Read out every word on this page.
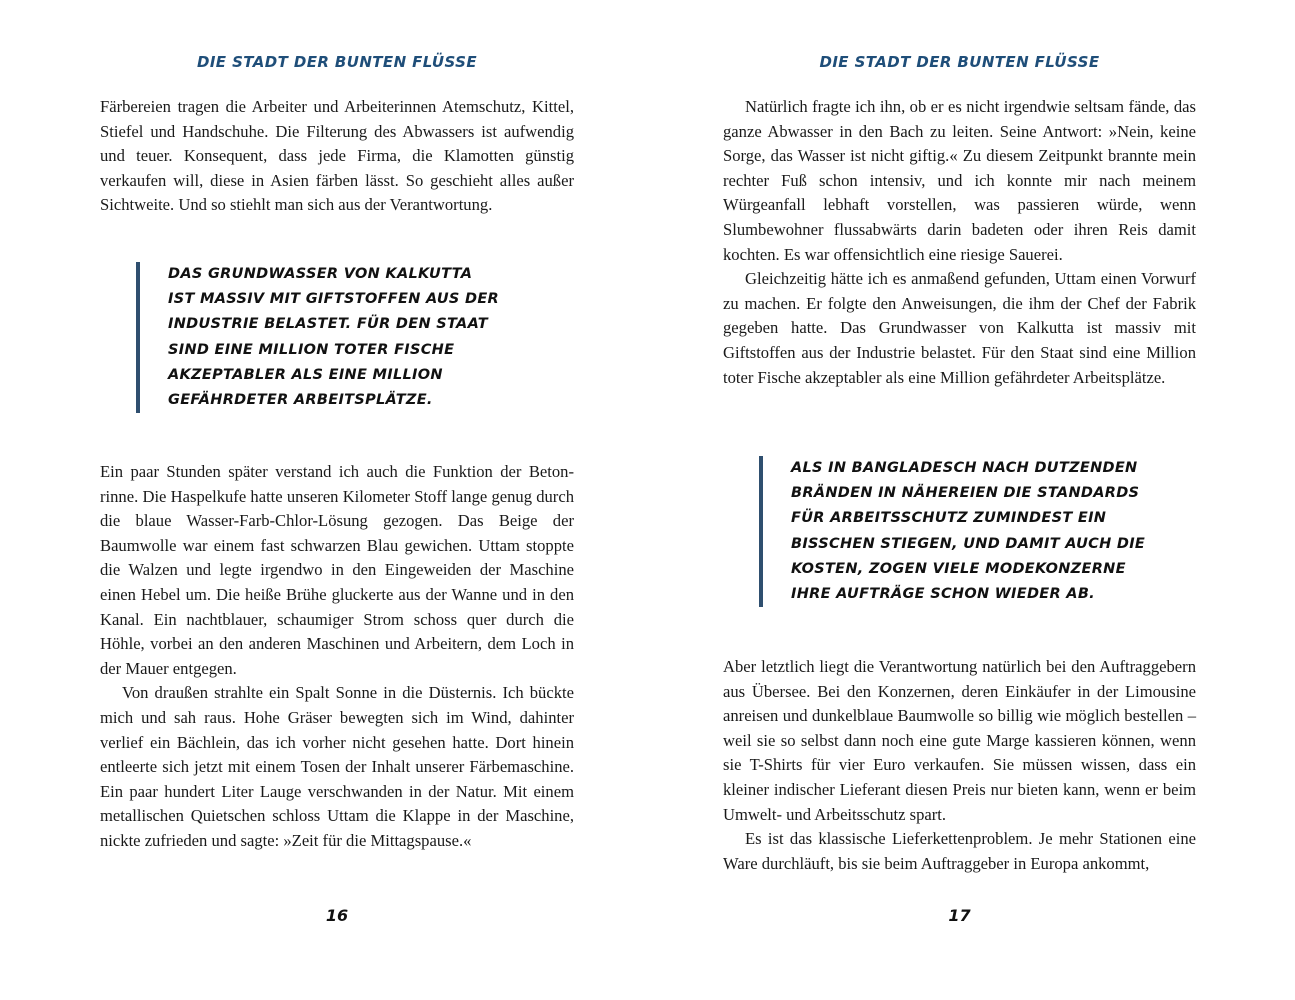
DIE STADT DER BUNTEN FLÜSSE

Färbereien tragen die Arbeiter und Arbeiterinnen Atemschutz, Kittel, Stiefel und Handschuhe. Die Filterung des Abwassers ist aufwendig und teuer. Konsequent, dass jede Firma, die Klamotten günstig verkaufen will, diese in Asien färben lässt. So geschieht alles außer Sichtweite. Und so stiehlt man sich aus der Verantwortung.

DAS GRUNDWASSER VON KALKUTTA
IST MASSIV MIT GIFTSTOFFEN AUS DER
INDUSTRIE BELASTET. FÜR DEN STAAT
SIND EINE MILLION TOTER FISCHE
AKZEPTABLER ALS EINE MILLION
GEFÄHRDETER ARBEITSPLÄTZE.

Ein paar Stunden später verstand ich auch die Funktion der Betonrinne. Die Haspelkufe hatte unseren Kilometer Stoff lange genug durch die blaue Wasser-Farb-Chlor-Lösung gezogen. Das Beige der Baumwolle war einem fast schwarzen Blau gewichen. Uttam stoppte die Walzen und legte irgendwo in den Eingeweiden der Maschine einen Hebel um. Die heiße Brühe gluckerte aus der Wanne und in den Kanal. Ein nachtblauer, schaumiger Strom schoss quer durch die Höhle, vorbei an den anderen Maschinen und Arbeitern, dem Loch in der Mauer entgegen.

Von draußen strahlte ein Spalt Sonne in die Düsternis. Ich bückte mich und sah raus. Hohe Gräser bewegten sich im Wind, dahinter verlief ein Bächlein, das ich vorher nicht gesehen hatte. Dort hinein entleerte sich jetzt mit einem Tosen der Inhalt unserer Färbemaschine. Ein paar hundert Liter Lauge verschwanden in der Natur. Mit einem metallischen Quietschen schloss Uttam die Klappe in der Maschine, nickte zufrieden und sagte: »Zeit für die Mittagspause.«

16
DIE STADT DER BUNTEN FLÜSSE

Natürlich fragte ich ihn, ob er es nicht irgendwie seltsam fände, das ganze Abwasser in den Bach zu leiten. Seine Antwort: »Nein, keine Sorge, das Wasser ist nicht giftig.« Zu diesem Zeitpunkt brannte mein rechter Fuß schon intensiv, und ich konnte mir nach meinem Würgeanfall lebhaft vorstellen, was passieren würde, wenn Slumbewohner flussabwärts darin badeten oder ihren Reis damit kochten. Es war offensichtlich eine riesige Sauerei.

Gleichzeitig hätte ich es anmaßend gefunden, Uttam einen Vorwurf zu machen. Er folgte den Anweisungen, die ihm der Chef der Fabrik gegeben hatte. Das Grundwasser von Kalkutta ist massiv mit Giftstoffen aus der Industrie belastet. Für den Staat sind eine Million toter Fische akzeptabler als eine Million gefährdeter Arbeitsplätze.

ALS IN BANGLADESCH NACH DUTZENDEN
BRÄNDEN IN NÄHEREIEN DIE STANDARDS
FÜR ARBEITSSCHUTZ ZUMINDEST EIN
BISSCHEN STIEGEN, UND DAMIT AUCH DIE
KOSTEN, ZOGEN VIELE MODEKONZERNE
IHRE AUFTRÄGE SCHON WIEDER AB.

Aber letztlich liegt die Verantwortung natürlich bei den Auftraggebern aus Übersee. Bei den Konzernen, deren Einkäufer in der Limousine anreisen und dunkelblaue Baumwolle so billig wie möglich bestellen – weil sie so selbst dann noch eine gute Marge kassieren können, wenn sie T-Shirts für vier Euro verkaufen. Sie müssen wissen, dass ein kleiner indischer Lieferant diesen Preis nur bieten kann, wenn er beim Umwelt- und Arbeitsschutz spart.

Es ist das klassische Lieferkettenproblem. Je mehr Stationen eine Ware durchläuft, bis sie beim Auftraggeber in Europa ankommt,

17
